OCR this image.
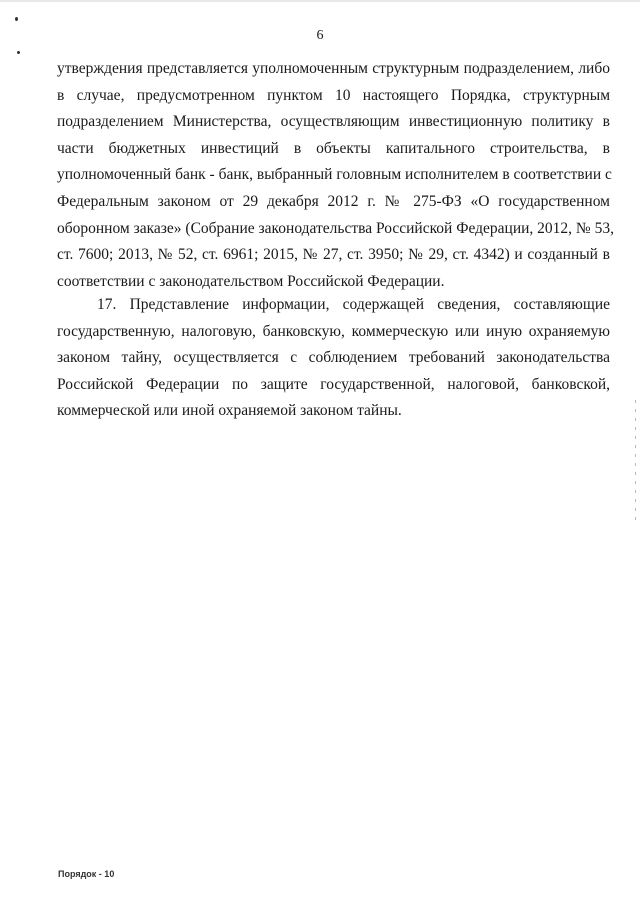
6
утверждения представляется уполномоченным структурным подразделением, либо
в случае, предусмотренном пунктом 10 настоящего Порядка, структурным
подразделением Министерства, осуществляющим инвестиционную политику в
части бюджетных инвестиций в объекты капитального строительства, в
уполномоченный банк - банк, выбранный головным исполнителем в соответствии с
Федеральным законом от 29 декабря 2012 г. № 275-ФЗ «О государственном
оборонном заказе» (Собрание законодательства Российской Федерации, 2012, № 53,
ст. 7600; 2013, № 52, ст. 6961; 2015, № 27, ст. 3950; № 29, ст. 4342) и созданный в
соответствии с законодательством Российской Федерации.
17. Представление информации, содержащей сведения, составляющие
государственную, налоговую, банковскую, коммерческую или иную охраняемую
законом тайну, осуществляется с соблюдением требований законодательства
Российской Федерации по защите государственной, налоговой, банковской,
коммерческой или иной охраняемой законом тайны.
Порядок - 10
